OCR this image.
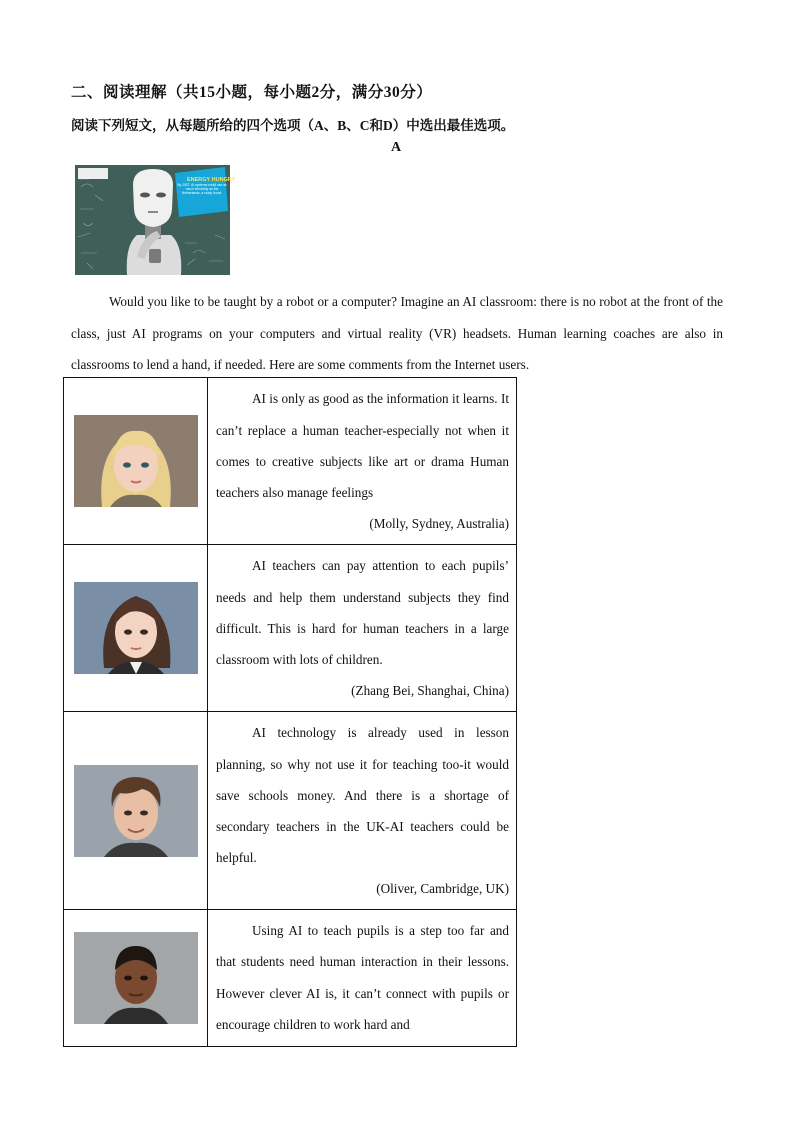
二、阅读理解（共15小题，每小题2分，满分30分）
阅读下列短文，从每题所给的四个选项（A、B、C和D）中选出最佳选项。
A
ENERGY HUNGRY
By 2027, AI systems could use as much electricity as the Netherlands, a study found.

Would you like to be taught by a robot or a computer? Imagine an AI classroom: there is no robot at the front of the class, just AI programs on your computers and virtual reality (VR) headsets. Human learning coaches are also in classrooms to lend a hand, if needed. Here are some comments from the Internet users.

AI is only as good as the information it learns. It can’t replace a human teacher-especially not when it comes to creative subjects like art or drama Human teachers also manage feelings
(Molly, Sydney, Australia)

AI teachers can pay attention to each pupils’ needs and help them understand subjects they find difficult. This is hard for human teachers in a large classroom with lots of children.
(Zhang Bei, Shanghai, China)

AI technology is already used in lesson planning, so why not use it for teaching too-it would save schools money. And there is a shortage of secondary teachers in the UK-AI teachers could be helpful.
(Oliver, Cambridge, UK)

Using AI to teach pupils is a step too far and that students need human interaction in their lessons. However clever AI is, it can’t connect with pupils or encourage children to work hard and
